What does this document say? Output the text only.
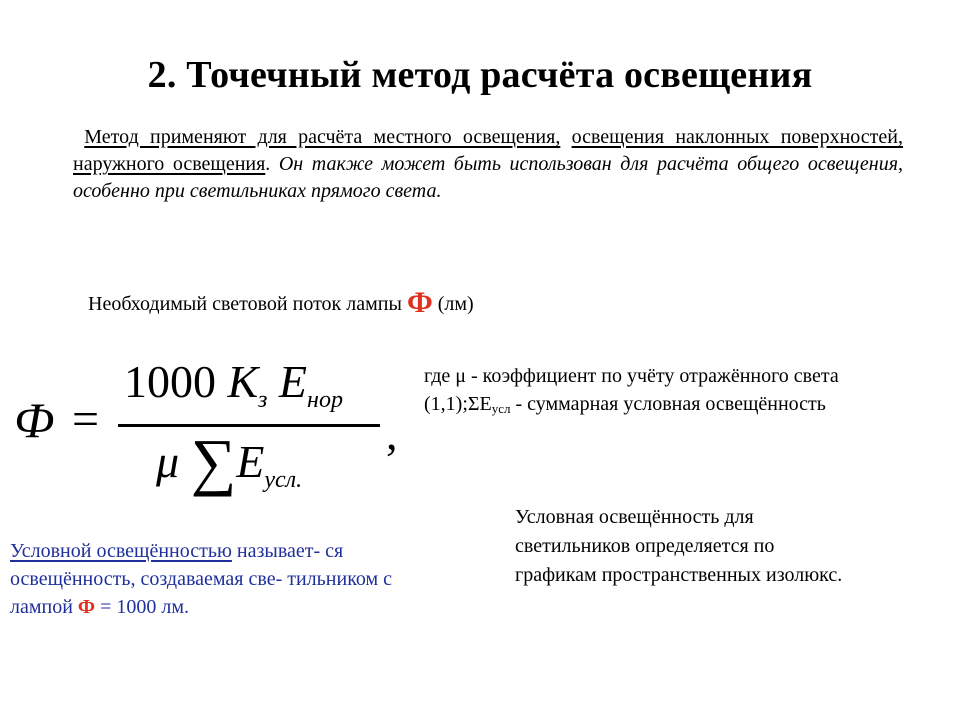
2. Точечный метод расчёта освещения
Метод применяют для расчёта местного освещения, освещения наклонных поверхностей, наружного освещения. Он также может быть использован для расчёта общего освещения, особенно при светильниках прямого света.
Необходимый световой поток лампы Ф (лм)
Ф =
1000 $К_з$ $Е_{нор}$
μ $\sum Е_{усл.}$
,
где μ - коэффициент по учёту отражённого света $(1,1);\Sigma Е_{усл}$ - суммарная условная освещённость
Условной освещённостью называет- ся освещённость, создаваемая све- тильником с лампой Ф = 1000 лм.
Условная освещённость для светильников определяется по графикам пространственных изолюкс.
